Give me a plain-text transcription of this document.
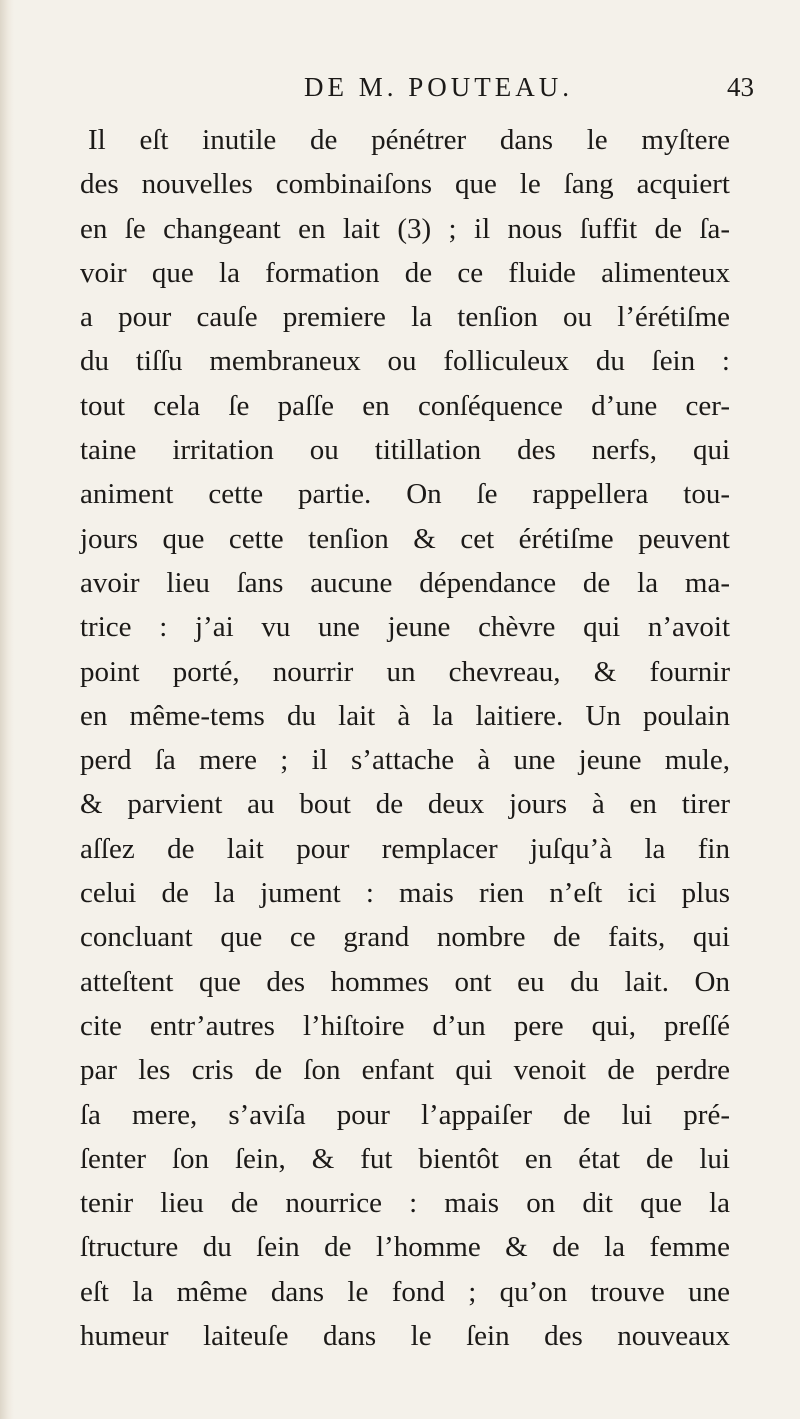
DE M. POUTEAU.	43
Il eſt inutile de pénétrer dans le myſtere
des nouvelles combinaiſons que le ſang acquiert
en ſe changeant en lait (3) ; il nous ſuffit de ſa-
voir que la formation de ce fluide alimenteux
a pour cauſe premiere la tenſion ou l’érétiſme
du tiſſu membraneux ou folliculeux du ſein :
tout cela ſe paſſe en conſéquence d’une cer-
taine irritation ou titillation des nerfs, qui
animent cette partie. On ſe rappellera tou-
jours que cette tenſion & cet érétiſme peuvent
avoir lieu ſans aucune dépendance de la ma-
trice : j’ai vu une jeune chèvre qui n’avoit
point porté, nourrir un chevreau, & fournir
en même-tems du lait à la laitiere. Un poulain
perd ſa mere ; il s’attache à une jeune mule,
& parvient au bout de deux jours à en tirer
aſſez de lait pour remplacer juſqu’à la fin
celui de la jument : mais rien n’eſt ici plus
concluant que ce grand nombre de faits, qui
atteſtent que des hommes ont eu du lait. On
cite entr’autres l’hiſtoire d’un pere qui, preſſé
par les cris de ſon enfant qui venoit de perdre
ſa mere, s’aviſa pour l’appaiſer de lui pré-
ſenter ſon ſein, & fut bientôt en état de lui
tenir lieu de nourrice : mais on dit que la
ſtructure du ſein de l’homme & de la femme
eſt la même dans le fond ; qu’on trouve une
humeur laiteuſe dans le ſein des nouveaux
